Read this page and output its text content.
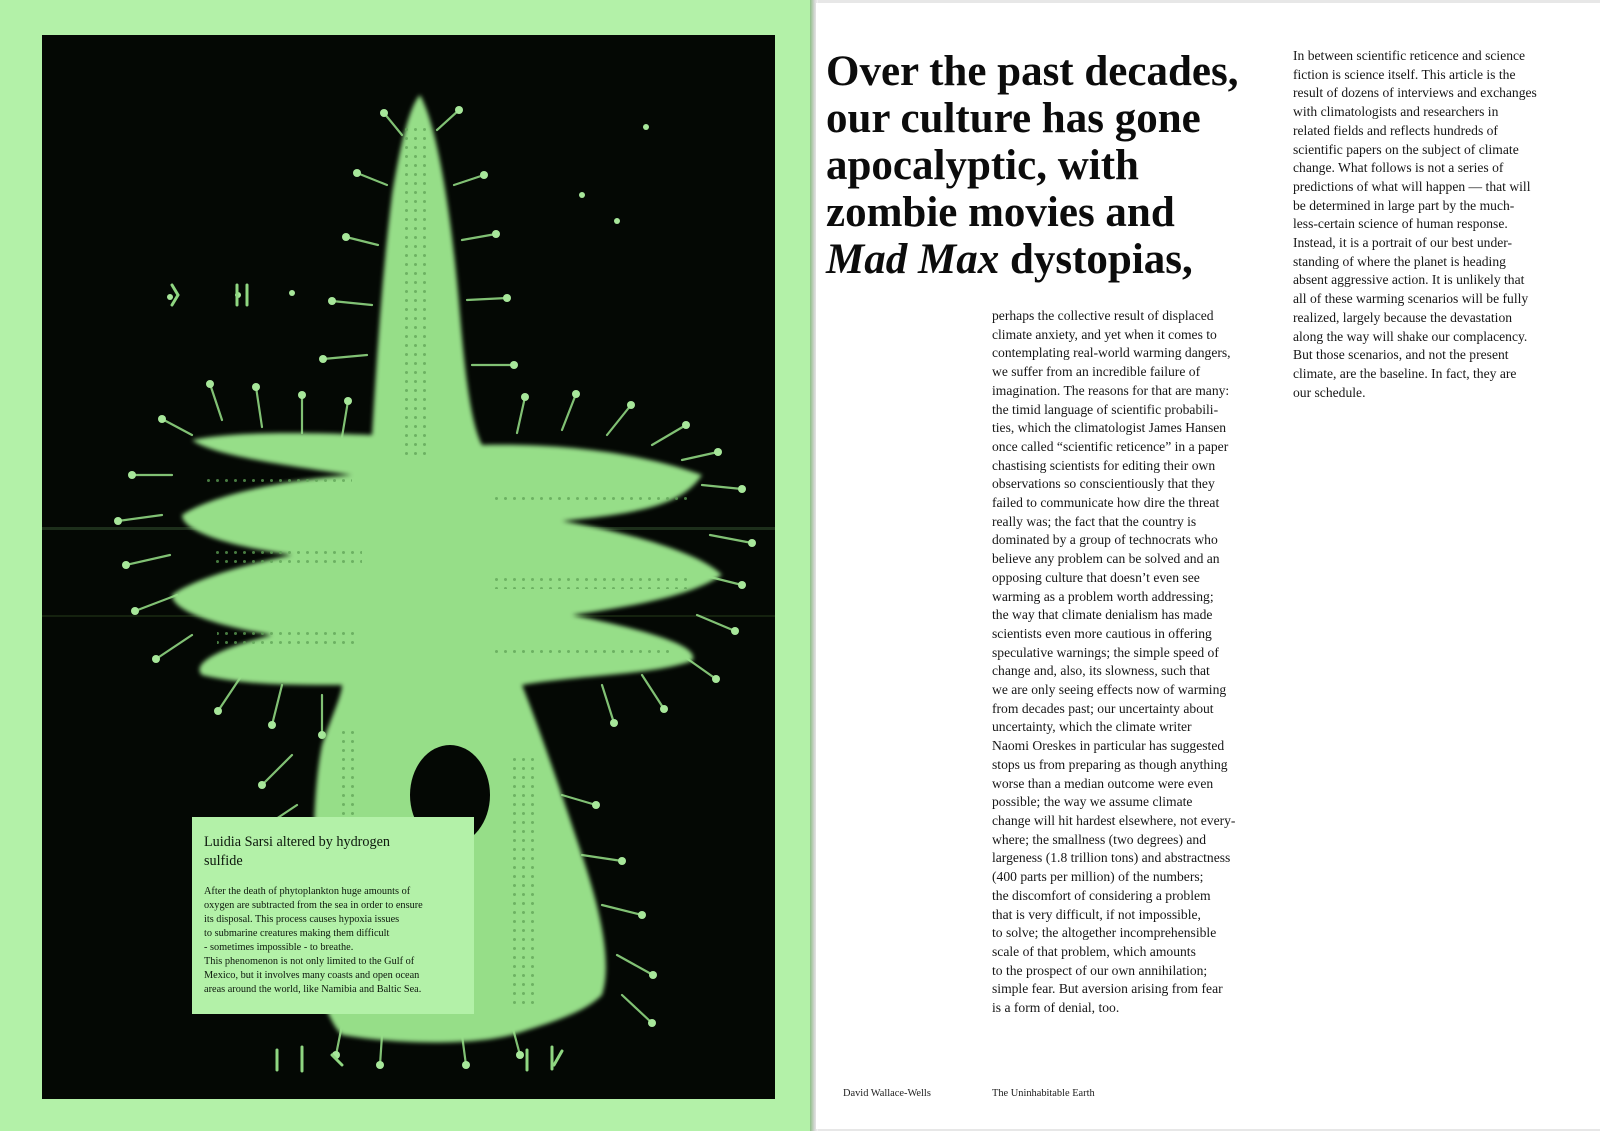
Luidia Sarsi altered by hydrogen sulfide

After the death of phytoplankton huge amounts of
oxygen are subtracted from the sea in order to ensure
its disposal. This process causes hypoxia issues
to submarine creatures making them difficult
- sometimes impossible - to breathe.
This phenomenon is not only limited to the Gulf of
Mexico, but it involves many coasts and open ocean
areas around the world, like Namibia and Baltic Sea.

Over the past decades,
our culture has gone
apocalyptic, with
zombie movies and
Mad Max dystopias,

perhaps the collective result of displaced
climate anxiety, and yet when it comes to
contemplating real-world warming dangers,
we suffer from an incredible failure of
imagination. The reasons for that are many:
the timid language of scientific probabili-
ties, which the climatologist James Hansen
once called “scientific reticence” in a paper
chastising scientists for editing their own
observations so conscientiously that they
failed to communicate how dire the threat
really was; the fact that the country is
dominated by a group of technocrats who
believe any problem can be solved and an
opposing culture that doesn’t even see
warming as a problem worth addressing;
the way that climate denialism has made
scientists even more cautious in offering
speculative warnings; the simple speed of
change and, also, its slowness, such that
we are only seeing effects now of warming
from decades past; our uncertainty about
uncertainty, which the climate writer
Naomi Oreskes in particular has suggested
stops us from preparing as though anything
worse than a median outcome were even
possible; the way we assume climate
change will hit hardest elsewhere, not every-
where; the smallness (two degrees) and
largeness (1.8 trillion tons) and abstractness
(400 parts per million) of the numbers;
the discomfort of considering a problem
that is very difficult, if not impossible,
to solve; the altogether incomprehensible
scale of that problem, which amounts
to the prospect of our own annihilation;
simple fear. But aversion arising from fear
is a form of denial, too.

In between scientific reticence and science
fiction is science itself. This article is the
result of dozens of interviews and exchanges
with climatologists and researchers in
related fields and reflects hundreds of
scientific papers on the subject of climate
change. What follows is not a series of
predictions of what will happen — that will
be determined in large part by the much-
less-certain science of human response.
Instead, it is a portrait of our best under-
standing of where the planet is heading
absent aggressive action. It is unlikely that
all of these warming scenarios will be fully
realized, largely because the devastation
along the way will shake our complacency.
But those scenarios, and not the present
climate, are the baseline. In fact, they are
our schedule.

David Wallace-Wells	The Uninhabitable Earth
